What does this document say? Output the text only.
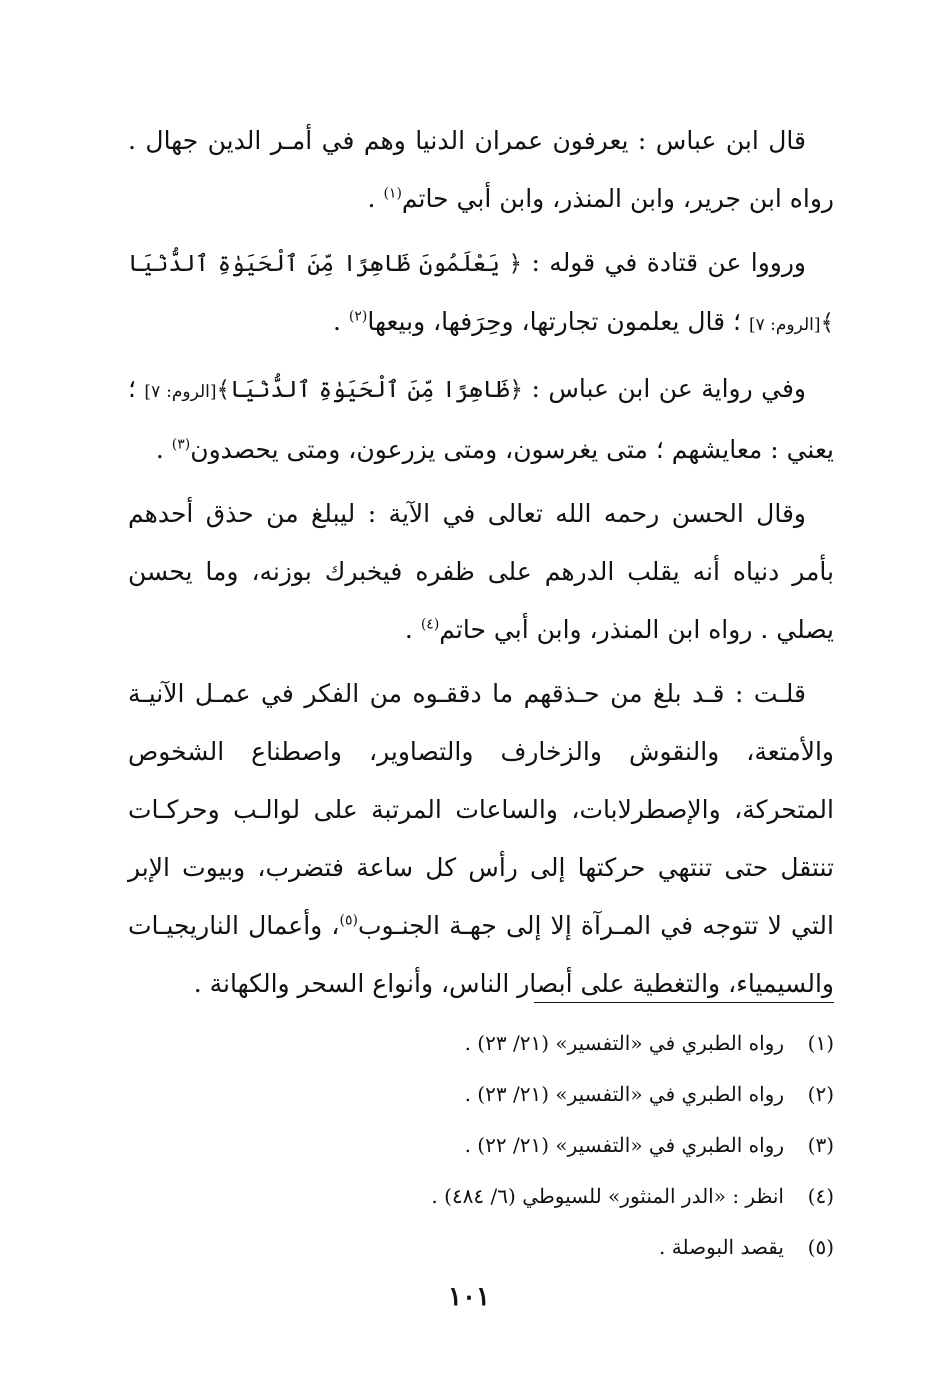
قال ابن عباس : يعرفون عمران الدنيا وهم في أمـر الدين جهال . رواه ابن جرير، وابن المنذر، وابن أبي حاتم$^{(١)}$ .

ورووا عن قتادة في قوله : ﴿ يَعْلَمُونَ ظَاهِرًا مِّنَ ٱلْحَيَوٰةِ ٱلدُّنْيَا ﴾[الروم: ٧] ؛ قال يعلمون تجارتها، وحِرَفها، وبيعها$^{(٢)}$ .

وفي رواية عن ابن عباس : ﴿ظَاهِرًا مِّنَ ٱلْحَيَوٰةِ ٱلدُّنْيَا﴾[الروم: ٧] ؛ يعني : معايشهم ؛ متى يغرسون، ومتى يزرعون، ومتى يحصدون$^{(٣)}$ .

وقال الحسن رحمه الله تعالى في الآية : ليبلغ من حذق أحدهم بأمر دنياه أنه يقلب الدرهم على ظفره فيخبرك بوزنه، وما يحسن يصلي . رواه ابن المنذر، وابن أبي حاتم$^{(٤)}$ .

قلـت : قـد بلغ من حـذقهم ما دققـوه من الفكر في عمـل الآنيـة والأمتعة، والنقوش والزخارف والتصاوير، واصطناع الشخوص المتحركة، والإصطرلابات، والساعات المرتبة على لوالـب وحركـات تنتقل حتى تنتهي حركتها إلى رأس كل ساعة فتضرب، وبيوت الإبر التي لا تتوجه في المـرآة إلا إلى جهـة الجنـوب$^{(٥)}$، وأعمال الناريجيـات والسيمياء، والتغطية على أبصار الناس، وأنواع السحر والكهانة .

(١)
رواه الطبري في «التفسير» (٢١/ ٢٣) .
(٢)
رواه الطبري في «التفسير» (٢١/ ٢٣) .
(٣)
رواه الطبري في «التفسير» (٢١/ ٢٢) .
(٤)
انظر : «الدر المنثور» للسيوطي (٦/ ٤٨٤) .
(٥)
يقصد البوصلة .
١٠١
